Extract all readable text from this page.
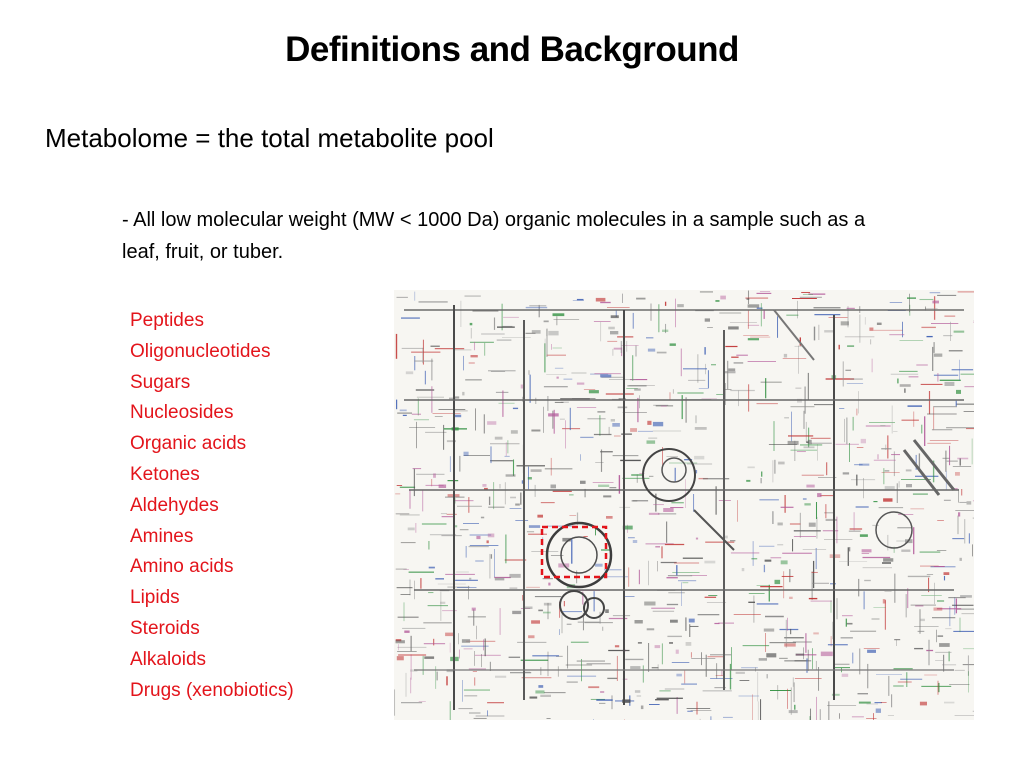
Definitions and Background
Metabolome = the total metabolite pool
- All low molecular weight (MW < 1000 Da) organic molecules in a sample such as a leaf, fruit, or tuber.
Peptides
Oligonucleotides
Sugars
Nucleosides
Organic acids
Ketones
Aldehydes
Amines
Amino acids
Lipids
Steroids
Alkaloids
Drugs (xenobiotics)
